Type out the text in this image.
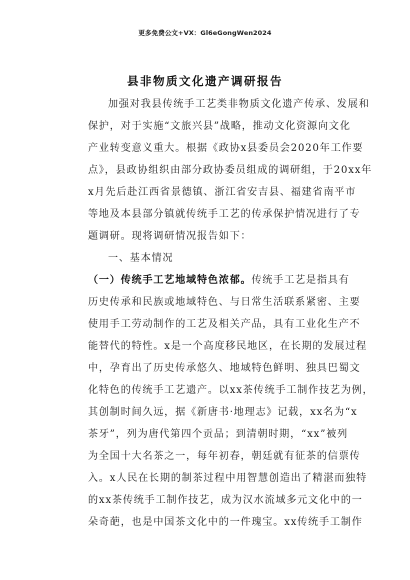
更多免费公文+VX：Gl6eGongWen2024
县非物质文化遗产调研报告
加强对我县传统手工艺类非物质文化遗产传承、发展和
保护，对于实施“文旅兴县”战略，推动文化资源向文化
产业转变意义重大。根据《政协x县委员会2020年工作要
点》，县政协组织由部分政协委员组成的调研组，于20xx年
x月先后赴江西省景德镇、浙江省安吉县、福建省南平市
等地及本县部分镇就传统手工艺的传承保护情况进行了专
题调研。现将调研情况报告如下：
一、基本情况
（一）传统手工艺地域特色浓郁。传统手工艺是指具有
历史传承和民族或地域特色、与日常生活联系紧密、主要
使用手工劳动制作的工艺及相关产品，具有工业化生产不
能替代的特性。x是一个高度移民地区，在长期的发展过程
中，孕育出了历史传承悠久、地域特色鲜明、独具巴蜀文
化特色的传统手工艺遗产。以xx茶传统手工制作技艺为例，
其创制时间久远，据《新唐书·地理志》记载，xx名为“x
茶牙”，列为唐代第四个贡品；到清朝时期，“xx”被列
为全国十大名茶之一，每年初春，朝廷就有征茶的信票传
入。x人民在长期的制茶过程中用智慧创造出了精湛而独特
的xx茶传统手工制作技艺，成为汉水流域多元文化中的一
朵奇葩，也是中国茶文化中的一件瑰宝。xx传统手工制作
